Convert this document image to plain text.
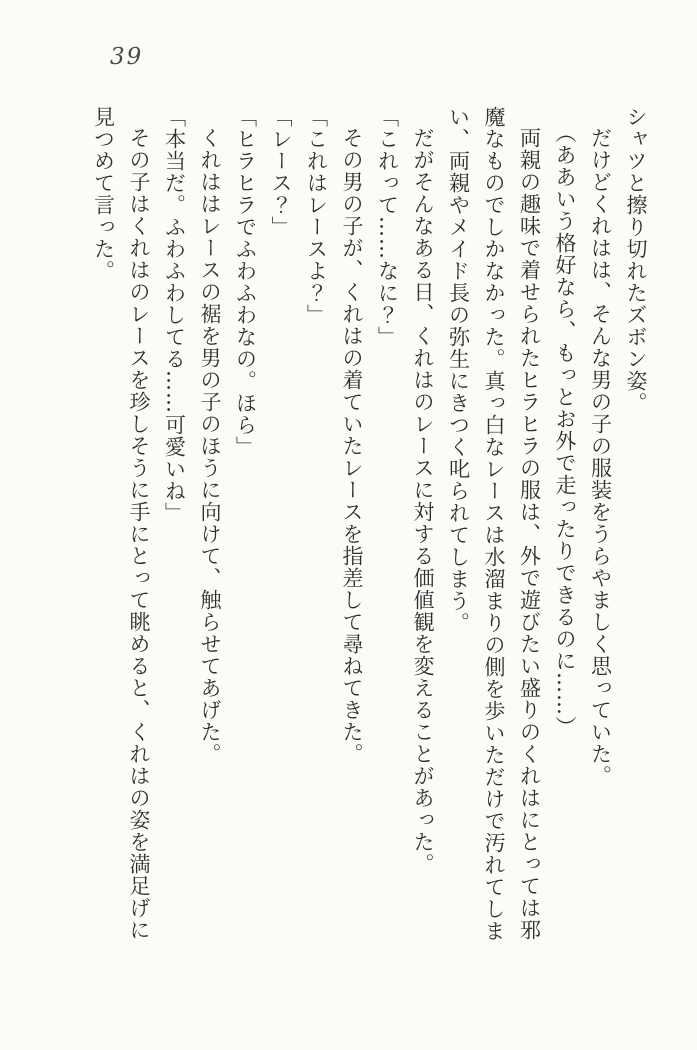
39

シャツと擦り切れたズボン姿。

だけどくれはは、そんな男の子の服装をうらやましく思っていた。

（ああいう格好なら、もっとお外で走ったりできるのに……）

両親の趣味で着せられたヒラヒラの服は、外で遊びたい盛りのくれはにとっては邪

魔なものでしかなかった。真っ白なレースは水溜まりの側を歩いただけで汚れてしま

い、両親やメイド長の弥生にきつく叱られてしまう。

だがそんなある日、くれはのレースに対する価値観を変えることがあった。

「これって……なに？」

その男の子が、くれはの着ていたレースを指差して尋ねてきた。

「これはレースよ？」

「レース？」

「ヒラヒラでふわふわなの。ほら」

くれははレースの裾を男の子のほうに向けて、触らせてあげた。

「本当だ。ふわふわしてる……可愛いね」

その子はくれはのレースを珍しそうに手にとって眺めると、くれはの姿を満足げに

見つめて言った。
